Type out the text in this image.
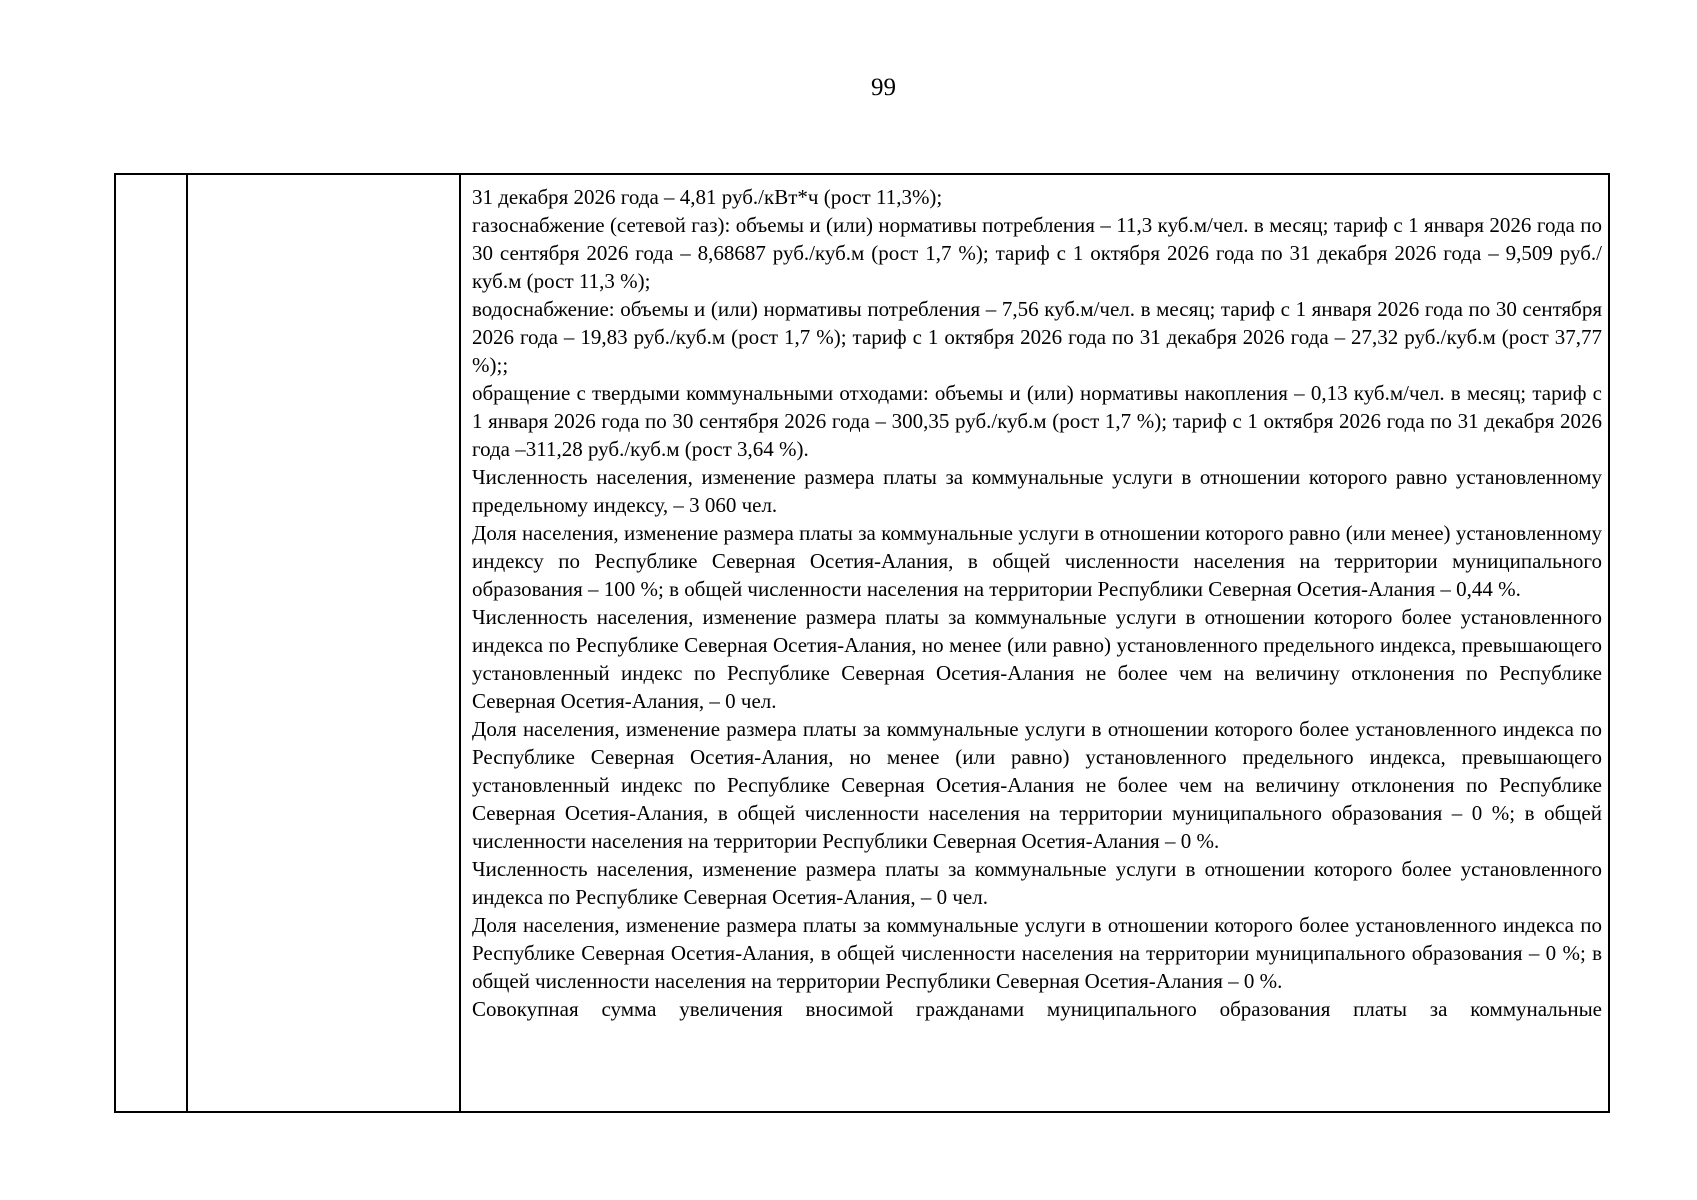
99

31 декабря 2026 года – 4,81 руб./кВт*ч (рост 11,3%);

газоснабжение (сетевой газ): объемы и (или) нормативы потребления – 11,3 куб.м/чел. в месяц; тариф с 1 января 2026 года по 30 сентября 2026 года – 8,68687 руб./куб.м (рост 1,7 %); тариф с 1 октября 2026 года по 31 декабря 2026 года – 9,509 руб./куб.м (рост 11,3 %);

водоснабжение: объемы и (или) нормативы потребления – 7,56 куб.м/чел. в месяц; тариф с 1 января 2026 года по 30 сентября 2026 года – 19,83 руб./куб.м (рост 1,7 %); тариф с 1 октября 2026 года по 31 декабря 2026 года – 27,32 руб./куб.м (рост 37,77 %);;

обращение с твердыми коммунальными отходами: объемы и (или) нормативы накопления – 0,13 куб.м/чел. в месяц; тариф с 1 января 2026 года по 30 сентября 2026 года – 300,35 руб./куб.м (рост 1,7 %); тариф с 1 октября 2026 года по 31 декабря 2026 года –311,28 руб./куб.м (рост 3,64 %).

Численность населения, изменение размера платы за коммунальные услуги в отношении которого равно установленному предельному индексу, – 3 060 чел.

Доля населения, изменение размера платы за коммунальные услуги в отношении которого равно (или менее) установленному индексу по Республике Северная Осетия-Алания, в общей численности населения на территории муниципального образования – 100 %; в общей численности населения на территории Республики Северная Осетия-Алания – 0,44 %.

Численность населения, изменение размера платы за коммунальные услуги в отношении которого более установленного индекса по Республике Северная Осетия-Алания, но менее (или равно) установленного предельного индекса, превышающего установленный индекс по Республике Северная Осетия-Алания не более чем на величину отклонения по Республике Северная Осетия-Алания, – 0 чел.

Доля населения, изменение размера платы за коммунальные услуги в отношении которого более установленного индекса по Республике Северная Осетия-Алания, но менее (или равно) установленного предельного индекса, превышающего установленный индекс по Республике Северная Осетия-Алания не более чем на величину отклонения по Республике Северная Осетия-Алания, в общей численности населения на территории муниципального образования – 0 %; в общей численности населения на территории Республики Северная Осетия-Алания – 0 %.

Численность населения, изменение размера платы за коммунальные услуги в отношении которого более установленного индекса по Республике Северная Осетия-Алания, – 0 чел.

Доля населения, изменение размера платы за коммунальные услуги в отношении которого более установленного индекса по Республике Северная Осетия-Алания, в общей численности населения на территории муниципального образования – 0 %; в общей численности населения на территории Республики Северная Осетия-Алания – 0 %.

Совокупная сумма увеличения вносимой гражданами муниципального образования платы за коммунальные
